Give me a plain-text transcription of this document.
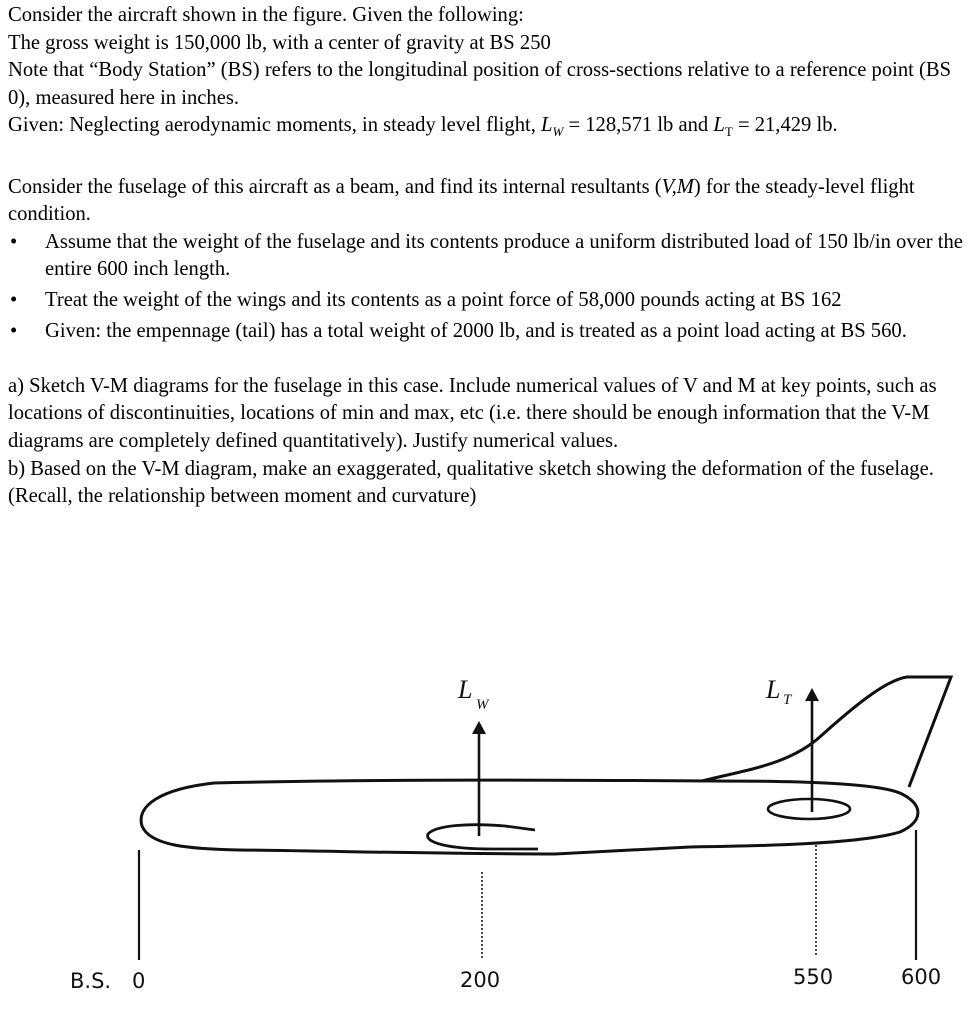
Consider the aircraft shown in the figure. Given the following:

The gross weight is 150,000 lb, with a center of gravity at BS 250

Note that “Body Station” (BS) refers to the longitudinal position of cross-sections relative to a reference point (BS 0), measured here in inches.

Given: Neglecting aerodynamic moments, in steady level flight, $L_W = 128,571$ lb and $L_T = 21,429$ lb.

Consider the fuselage of this aircraft as a beam, and find its internal resultants (V,M) for the steady-level flight condition.

• Assume that the weight of the fuselage and its contents produce a uniform distributed load of 150 lb/in over the entire 600 inch length.
• Treat the weight of the wings and its contents as a point force of 58,000 pounds acting at BS 162
• Given: the empennage (tail) has a total weight of 2000 lb, and is treated as a point load acting at BS 560.

a) Sketch V-M diagrams for the fuselage in this case. Include numerical values of V and M at key points, such as locations of discontinuities, locations of min and max, etc (i.e. there should be enough information that the V-M diagrams are completely defined quantitatively). Justify numerical values.

b) Based on the V-M diagram, make an exaggerated, qualitative sketch showing the deformation of the fuselage. (Recall, the relationship between moment and curvature)

L
W
L T
B.S. 0	200	550	600
